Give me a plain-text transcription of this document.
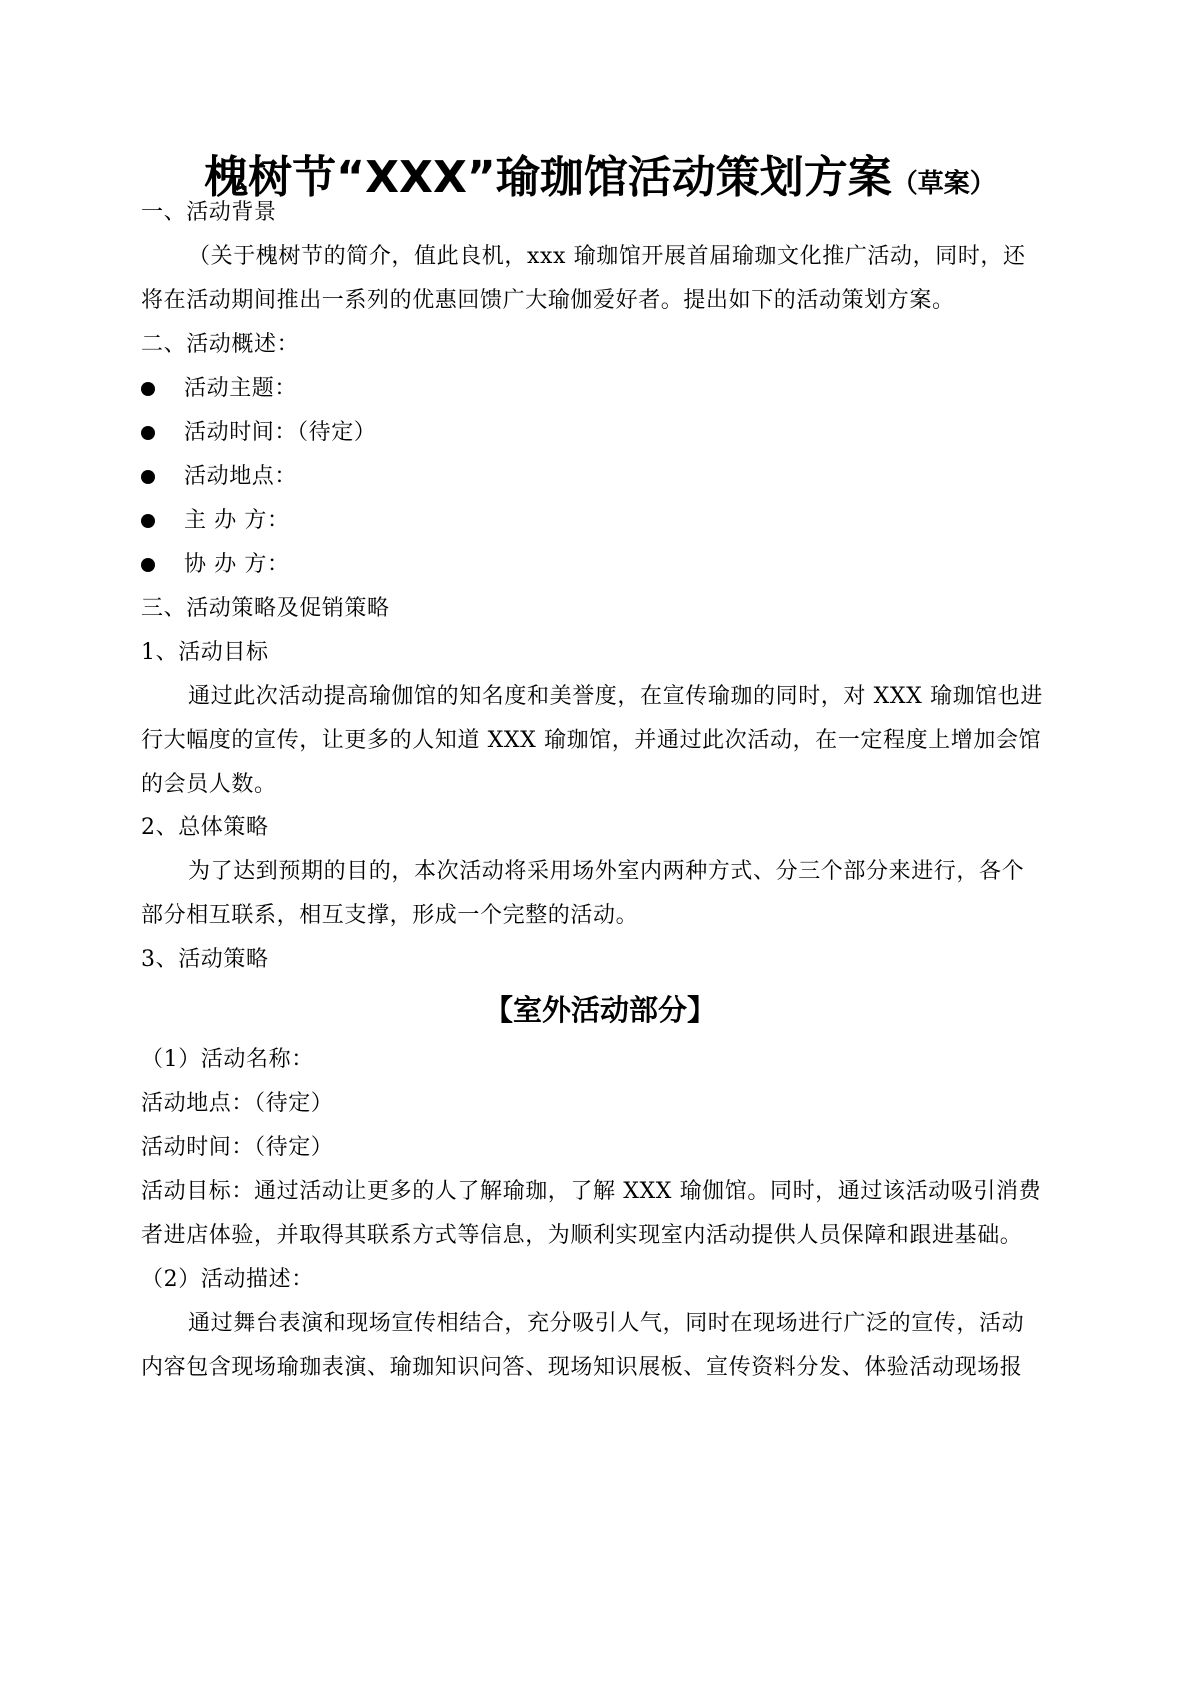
槐树节“XXX”瑜珈馆活动策划方案（草案）
一、活动背景
（关于槐树节的简介，值此良机，xxx 瑜珈馆开展首届瑜珈文化推广活动，同时，还
将在活动期间推出一系列的优惠回馈广大瑜伽爱好者。提出如下的活动策划方案。
二、活动概述：
活动主题：
活动时间：（待定）
活动地点：
主 办 方：
协 办 方：
三、活动策略及促销策略
1、活动目标
通过此次活动提高瑜伽馆的知名度和美誉度，在宣传瑜珈的同时，对 XXX 瑜珈馆也进
行大幅度的宣传，让更多的人知道 XXX 瑜珈馆，并通过此次活动，在一定程度上增加会馆
的会员人数。
2、总体策略
为了达到预期的目的，本次活动将采用场外室内两种方式、分三个部分来进行，各个
部分相互联系，相互支撑，形成一个完整的活动。
3、活动策略
【室外活动部分】
（1）活动名称：
活动地点：（待定）
活动时间：（待定）
活动目标：通过活动让更多的人了解瑜珈，了解 XXX 瑜伽馆。同时，通过该活动吸引消费
者进店体验，并取得其联系方式等信息，为顺利实现室内活动提供人员保障和跟进基础。
（2）活动描述：
通过舞台表演和现场宣传相结合，充分吸引人气，同时在现场进行广泛的宣传，活动
内容包含现场瑜珈表演、瑜珈知识问答、现场知识展板、宣传资料分发、体验活动现场报
